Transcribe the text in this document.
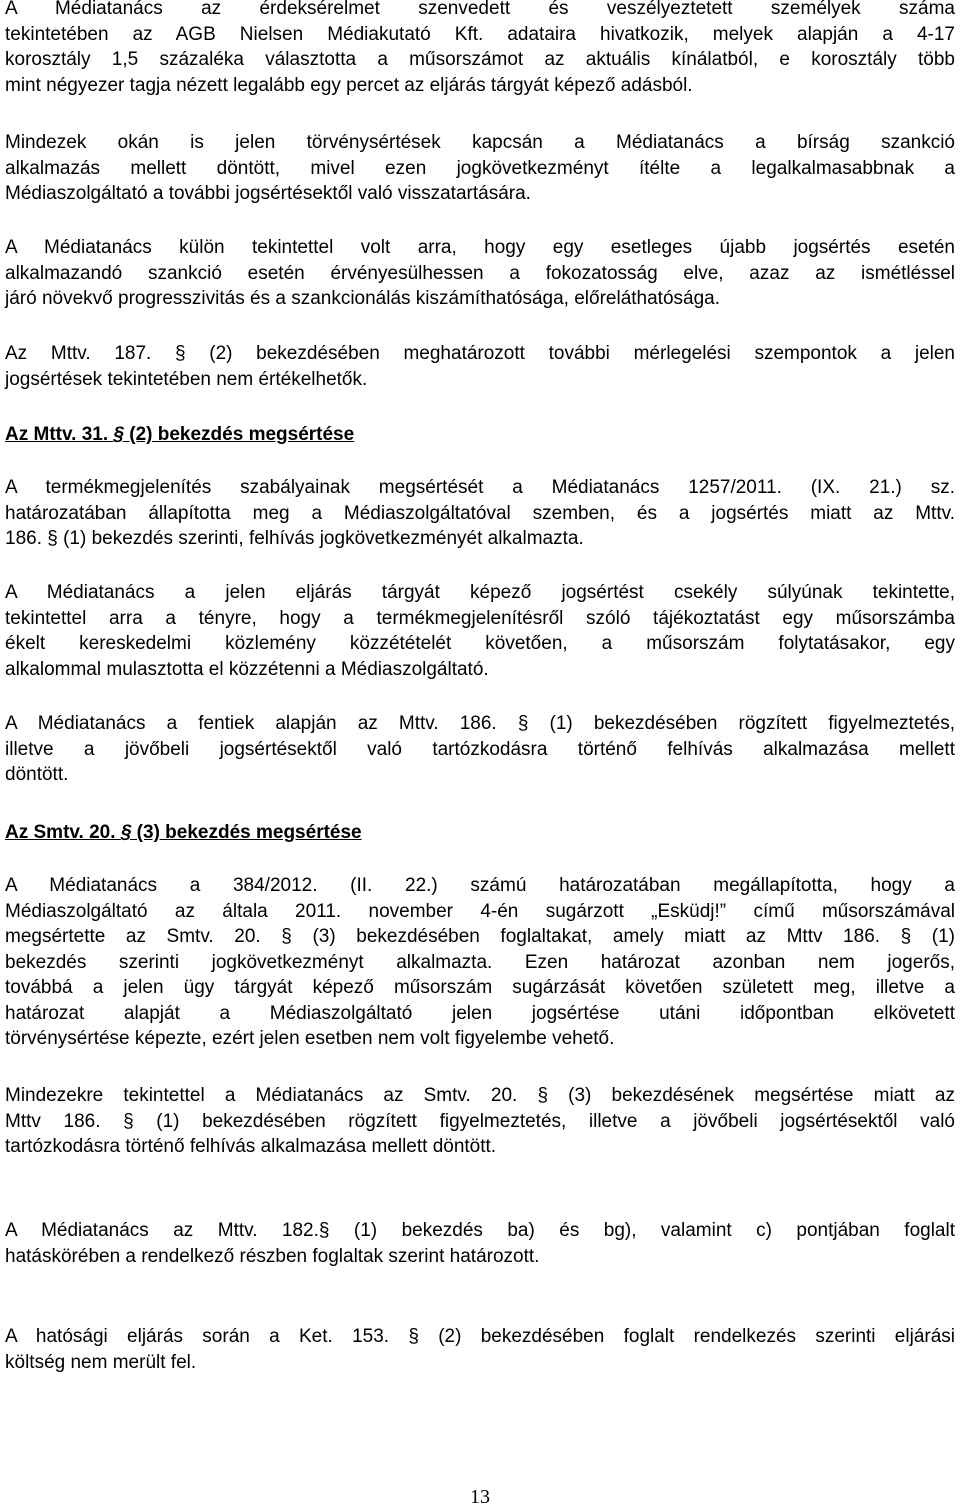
A Médiatanács az érdeksérelmet szenvedett és veszélyeztetett személyek száma
tekintetében az AGB Nielsen Médiakutató Kft. adataira hivatkozik, melyek alapján a 4-17
korosztály 1,5 százaléka választotta a műsorszámot az aktuális kínálatból, e korosztály több
mint négyezer tagja nézett legalább egy percet az eljárás tárgyát képező adásból.
Mindezek okán is jelen törvénysértések kapcsán a Médiatanács a bírság szankció
alkalmazás mellett döntött, mivel ezen jogkövetkezményt ítélte a legalkalmasabbnak a
Médiaszolgáltató a további jogsértésektől való visszatartására.
A Médiatanács külön tekintettel volt arra, hogy egy esetleges újabb jogsértés esetén
alkalmazandó szankció esetén érvényesülhessen a fokozatosság elve, azaz az ismétléssel
járó növekvő progresszivitás és a szankcionálás kiszámíthatósága, előreláthatósága.
Az Mttv. 187. § (2) bekezdésében meghatározott további mérlegelési szempontok a jelen
jogsértések tekintetében nem értékelhetők.
Az Mttv. 31. § (2) bekezdés megsértése
A termékmegjelenítés szabályainak megsértését a Médiatanács 1257/2011. (IX. 21.) sz.
határozatában állapította meg a Médiaszolgáltatóval szemben, és a jogsértés miatt az Mttv.
186. § (1) bekezdés szerinti, felhívás jogkövetkezményét alkalmazta.
A Médiatanács a jelen eljárás tárgyát képező jogsértést csekély súlyúnak tekintette,
tekintettel arra a tényre, hogy a termékmegjelenítésről szóló tájékoztatást egy műsorszámba
ékelt kereskedelmi közlemény közzétételét követően, a műsorszám folytatásakor, egy
alkalommal mulasztotta el közzétenni a Médiaszolgáltató.
A Médiatanács a fentiek alapján az Mttv. 186. § (1) bekezdésében rögzített figyelmeztetés,
illetve a jövőbeli jogsértésektől való tartózkodásra történő felhívás alkalmazása mellett
döntött.
Az Smtv. 20. § (3) bekezdés megsértése
A Médiatanács a 384/2012. (II. 22.) számú határozatában megállapította, hogy a
Médiaszolgáltató az általa 2011. november 4-én sugárzott „Esküdj!” című műsorszámával
megsértette az Smtv. 20. § (3) bekezdésében foglaltakat, amely miatt az Mttv 186. § (1)
bekezdés szerinti jogkövetkezményt alkalmazta. Ezen határozat azonban nem jogerős,
továbbá a jelen ügy tárgyát képező műsorszám sugárzását követően született meg, illetve a
határozat alapját a Médiaszolgáltató jelen jogsértése utáni időpontban elkövetett
törvénysértése képezte, ezért jelen esetben nem volt figyelembe vehető.
Mindezekre tekintettel a Médiatanács az Smtv. 20. § (3) bekezdésének megsértése miatt az
Mttv 186. § (1) bekezdésében rögzített figyelmeztetés, illetve a jövőbeli jogsértésektől való
tartózkodásra történő felhívás alkalmazása mellett döntött.
A Médiatanács az Mttv. 182.§ (1) bekezdés ba) és bg), valamint c) pontjában foglalt
hatáskörében a rendelkező részben foglaltak szerint határozott.
A hatósági eljárás során a Ket. 153. § (2) bekezdésében foglalt rendelkezés szerinti eljárási
költség nem merült fel.
13
